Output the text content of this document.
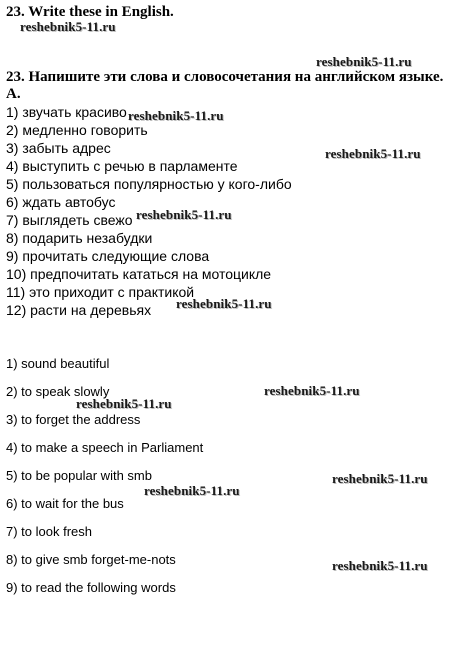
23. Write these in English.
23. Напишите эти слова и словосочетания на английском языке.
A.
1) звучать красиво
2) медленно говорить
3) забыть адрес
4) выступить с речью в парламенте
5) пользоваться популярностью у кого-либо
6) ждать автобус
7) выглядеть свежо
8) подарить незабудки
9) прочитать следующие слова
10) предпочитать кататься на мотоцикле
11) это приходит с практикой
12) расти на деревьях
1) sound beautiful
2) to speak slowly
3) to forget the address
4) to make a speech in Parliament
5) to be popular with smb
6) to wait for the bus
7) to look fresh
8) to give smb forget-me-nots
9) to read the following words
reshebnik5-11.ru
reshebnik5-11.ru
reshebnik5-11.ru
reshebnik5-11.ru
reshebnik5-11.ru
reshebnik5-11.ru
reshebnik5-11.ru
reshebnik5-11.ru
reshebnik5-11.ru
reshebnik5-11.ru
reshebnik5-11.ru
